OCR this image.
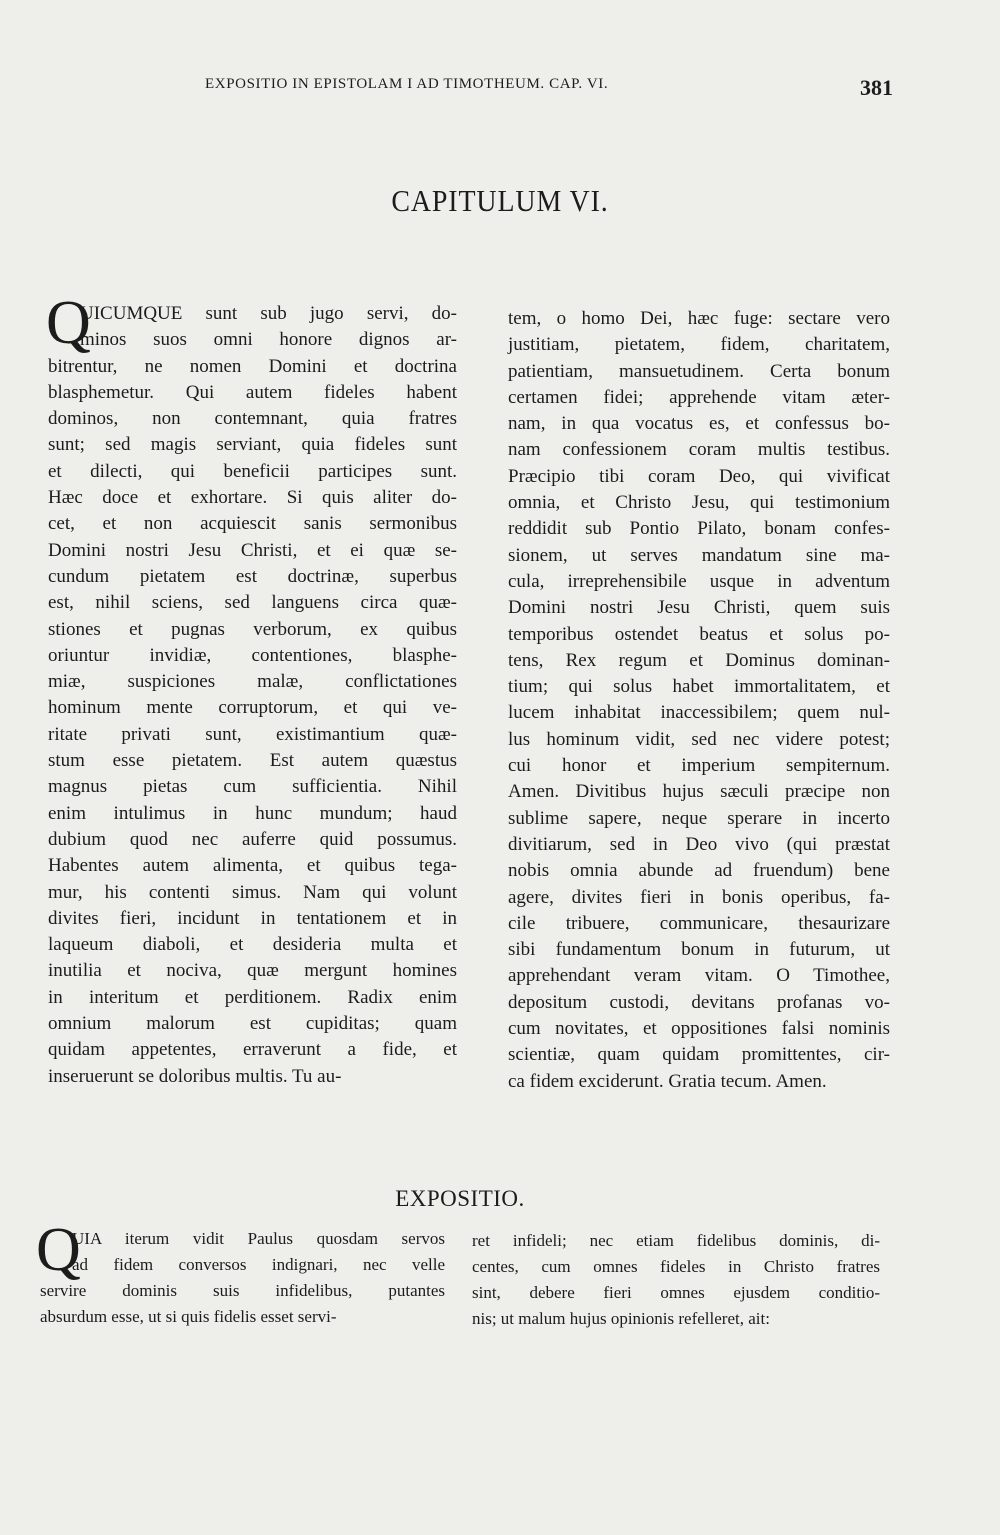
EXPOSITIO IN EPISTOLAM I AD TIMOTHEUM. CAP. VI.	381
CAPITULUM VI.
Q
UICUMQUE sunt sub jugo servi, do-
minos suos omni honore dignos ar-
bitrentur, ne nomen Domini et doctrina
blasphemetur. Qui autem fideles habent
dominos, non contemnant, quia fratres
sunt; sed magis serviant, quia fideles sunt
et dilecti, qui beneficii participes sunt.
Hæc doce et exhortare. Si quis aliter do-
cet, et non acquiescit sanis sermonibus
Domini nostri Jesu Christi, et ei quæ se-
cundum pietatem est doctrinæ, superbus
est, nihil sciens, sed languens circa quæ-
stiones et pugnas verborum, ex quibus
oriuntur invidiæ, contentiones, blasphe-
miæ, suspiciones malæ, conflictationes
hominum mente corruptorum, et qui ve-
ritate privati sunt, existimantium quæ-
stum esse pietatem. Est autem quæstus
magnus pietas cum sufficientia. Nihil
enim intulimus in hunc mundum; haud
dubium quod nec auferre quid possumus.
Habentes autem alimenta, et quibus tega-
mur, his contenti simus. Nam qui volunt
divites fieri, incidunt in tentationem et in
laqueum diaboli, et desideria multa et
inutilia et nociva, quæ mergunt homines
in interitum et perditionem. Radix enim
omnium malorum est cupiditas; quam
quidam appetentes, erraverunt a fide, et
inseruerunt se doloribus multis. Tu au-
tem, o homo Dei, hæc fuge: sectare vero
justitiam, pietatem, fidem, charitatem,
patientiam, mansuetudinem. Certa bonum
certamen fidei; apprehende vitam æter-
nam, in qua vocatus es, et confessus bo-
nam confessionem coram multis testibus.
Præcipio tibi coram Deo, qui vivificat
omnia, et Christo Jesu, qui testimonium
reddidit sub Pontio Pilato, bonam confes-
sionem, ut serves mandatum sine ma-
cula, irreprehensibile usque in adventum
Domini nostri Jesu Christi, quem suis
temporibus ostendet beatus et solus po-
tens, Rex regum et Dominus dominan-
tium; qui solus habet immortalitatem, et
lucem inhabitat inaccessibilem; quem nul-
lus hominum vidit, sed nec videre potest;
cui honor et imperium sempiternum.
Amen. Divitibus hujus sæculi præcipe non
sublime sapere, neque sperare in incerto
divitiarum, sed in Deo vivo (qui præstat
nobis omnia abunde ad fruendum) bene
agere, divites fieri in bonis operibus, fa-
cile tribuere, communicare, thesaurizare
sibi fundamentum bonum in futurum, ut
apprehendant veram vitam. O Timothee,
depositum custodi, devitans profanas vo-
cum novitates, et oppositiones falsi nominis
scientiæ, quam quidam promittentes, cir-
ca fidem exciderunt. Gratia tecum. Amen.
EXPOSITIO.
Q
UIA iterum vidit Paulus quosdam servos
ad fidem conversos indignari, nec velle
servire dominis suis infidelibus, putantes
absurdum esse, ut si quis fidelis esset servi-
ret infideli; nec etiam fidelibus dominis, di-
centes, cum omnes fideles in Christo fratres
sint, debere fieri omnes ejusdem conditio-
nis; ut malum hujus opinionis refelleret, ait:
